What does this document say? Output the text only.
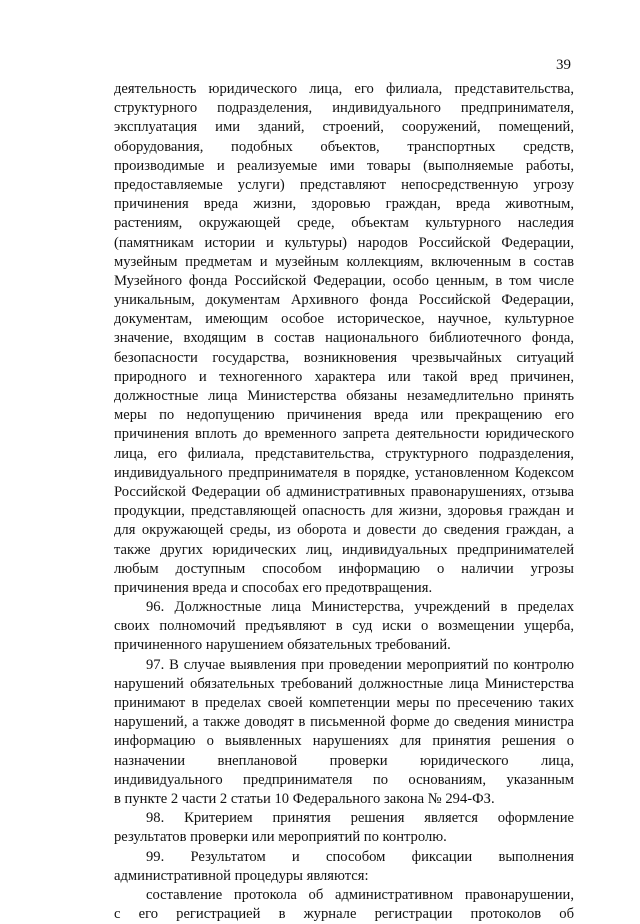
39
деятельность юридического лица, его филиала, представительства,
структурного подразделения, индивидуального предпринимателя,
эксплуатация ими зданий, строений, сооружений, помещений,
оборудования, подобных объектов, транспортных средств,
производимые и реализуемые ими товары (выполняемые работы,
предоставляемые услуги) представляют непосредственную угрозу
причинения вреда жизни, здоровью граждан, вреда животным,
растениям, окружающей среде, объектам культурного наследия
(памятникам истории и культуры) народов Российской Федерации,
музейным предметам и музейным коллекциям, включенным в состав
Музейного фонда Российской Федерации, особо ценным, в том числе
уникальным, документам Архивного фонда Российской Федерации,
документам, имеющим особое историческое, научное, культурное
значение, входящим в состав национального библиотечного фонда,
безопасности государства, возникновения чрезвычайных ситуаций
природного и техногенного характера или такой вред причинен,
должностные лица Министерства обязаны незамедлительно принять
меры по недопущению причинения вреда или прекращению его
причинения вплоть до временного запрета деятельности юридического
лица, его филиала, представительства, структурного подразделения,
индивидуального предпринимателя в порядке, установленном Кодексом
Российской Федерации об административных правонарушениях, отзыва
продукции, представляющей опасность для жизни, здоровья граждан и
для окружающей среды, из оборота и довести до сведения граждан, а
также других юридических лиц, индивидуальных предпринимателей
любым доступным способом информацию о наличии угрозы
причинения вреда и способах его предотвращения.
96. Должностные лица Министерства, учреждений в пределах
своих полномочий предъявляют в суд иски о возмещении ущерба,
причиненного нарушением обязательных требований.
97. В случае выявления при проведении мероприятий по контролю
нарушений обязательных требований должностные лица Министерства
принимают в пределах своей компетенции меры по пресечению таких
нарушений, а также доводят в письменной форме до сведения министра
информацию о выявленных нарушениях для принятия решения о
назначении внеплановой проверки юридического лица,
индивидуального предпринимателя по основаниям, указанным
в пункте 2 части 2 статьи 10 Федерального закона № 294-ФЗ.
98. Критерием принятия решения является оформление
результатов проверки или мероприятий по контролю.
99. Результатом и способом фиксации выполнения
административной процедуры являются:
составление протокола об административном правонарушении,
с его регистрацией в журнале регистрации протоколов об
